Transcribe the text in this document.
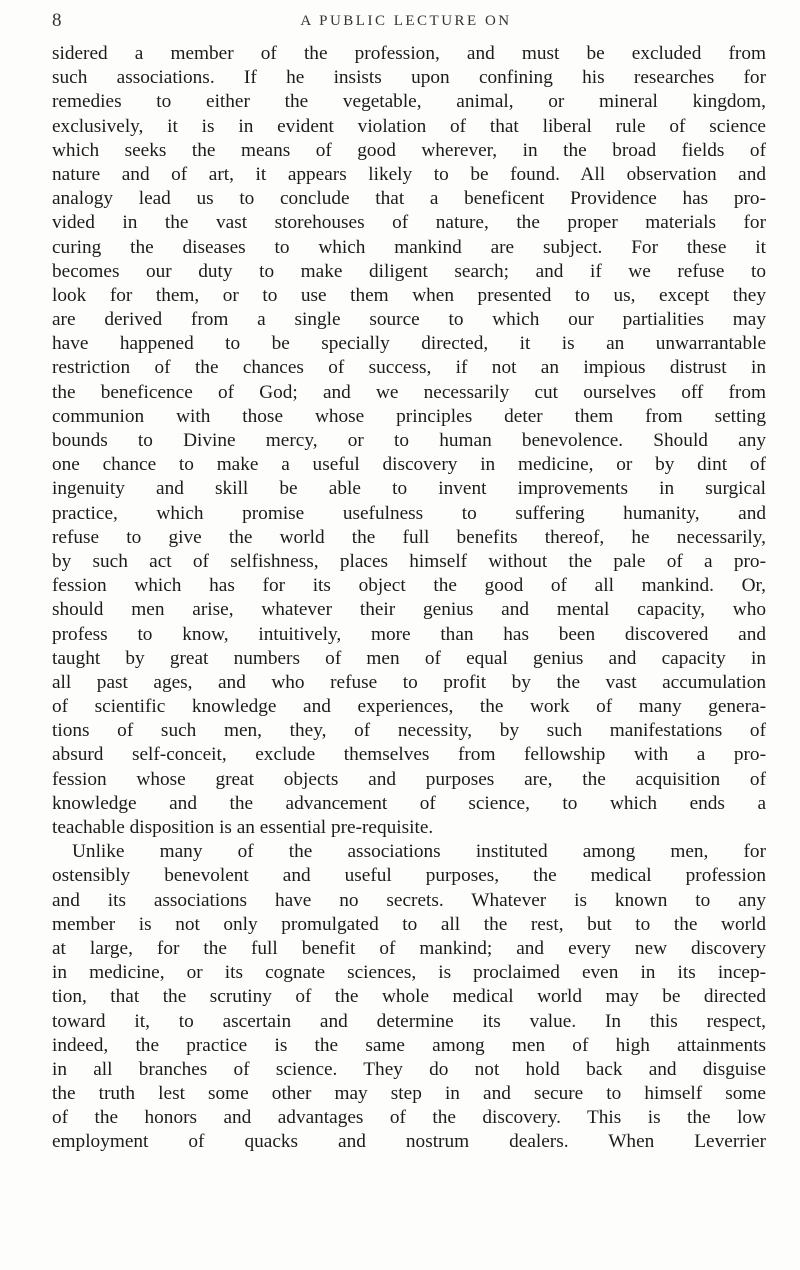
8	A PUBLIC LECTURE ON
sidered a member of the profession, and must be excluded from
such associations. If he insists upon confining his researches for
remedies to either the vegetable, animal, or mineral kingdom,
exclusively, it is in evident violation of that liberal rule of science
which seeks the means of good wherever, in the broad fields of
nature and of art, it appears likely to be found. All observation and
analogy lead us to conclude that a beneficent Providence has pro-
vided in the vast storehouses of nature, the proper materials for
curing the diseases to which mankind are subject. For these it
becomes our duty to make diligent search; and if we refuse to
look for them, or to use them when presented to us, except they
are derived from a single source to which our partialities may
have happened to be specially directed, it is an unwarrantable
restriction of the chances of success, if not an impious distrust in
the beneficence of God; and we necessarily cut ourselves off from
communion with those whose principles deter them from setting
bounds to Divine mercy, or to human benevolence. Should any
one chance to make a useful discovery in medicine, or by dint of
ingenuity and skill be able to invent improvements in surgical
practice, which promise usefulness to suffering humanity, and
refuse to give the world the full benefits thereof, he necessarily,
by such act of selfishness, places himself without the pale of a pro-
fession which has for its object the good of all mankind. Or,
should men arise, whatever their genius and mental capacity, who
profess to know, intuitively, more than has been discovered and
taught by great numbers of men of equal genius and capacity in
all past ages, and who refuse to profit by the vast accumulation
of scientific knowledge and experiences, the work of many genera-
tions of such men, they, of necessity, by such manifestations of
absurd self-conceit, exclude themselves from fellowship with a pro-
fession whose great objects and purposes are, the acquisition of
knowledge and the advancement of science, to which ends a
teachable disposition is an essential pre-requisite.
Unlike many of the associations instituted among men, for
ostensibly benevolent and useful purposes, the medical profession
and its associations have no secrets. Whatever is known to any
member is not only promulgated to all the rest, but to the world
at large, for the full benefit of mankind; and every new discovery
in medicine, or its cognate sciences, is proclaimed even in its incep-
tion, that the scrutiny of the whole medical world may be directed
toward it, to ascertain and determine its value. In this respect,
indeed, the practice is the same among men of high attainments
in all branches of science. They do not hold back and disguise
the truth lest some other may step in and secure to himself some
of the honors and advantages of the discovery. This is the low
employment of quacks and nostrum dealers. When Leverrier
